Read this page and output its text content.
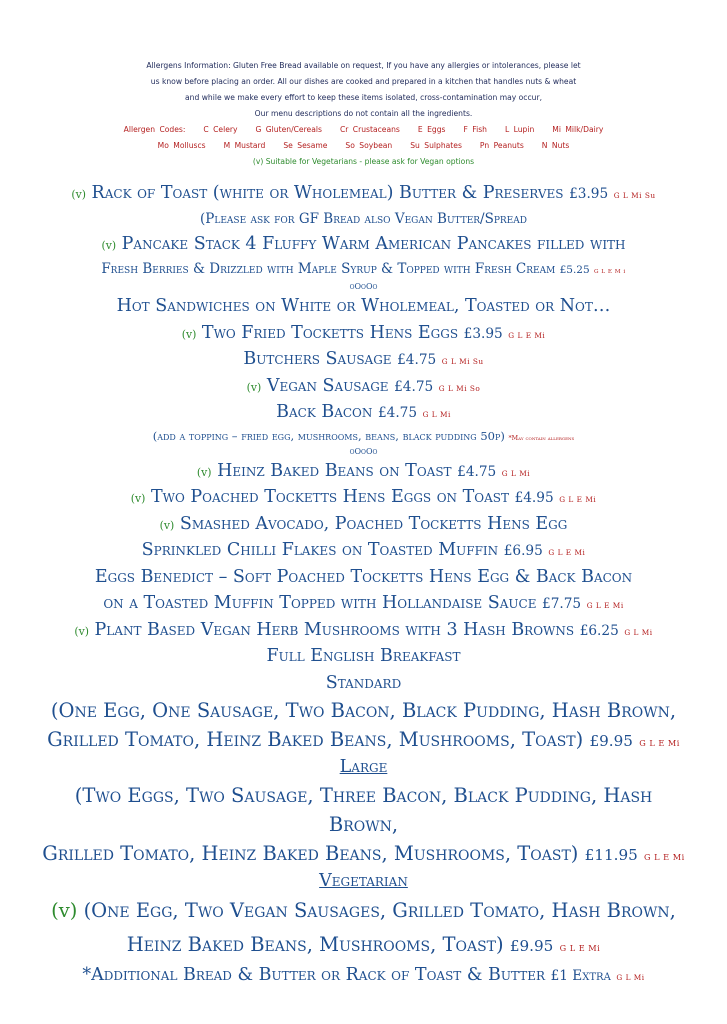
Allergens Information: Gluten Free Bread available on request, If you have any allergies or intolerances, please let
us know before placing an order. All our dishes are cooked and prepared in a kitchen that handles nuts & wheat
and while we make every effort to keep these items isolated, cross-contamination may occur,
Our menu descriptions do not contain all the ingredients.
Allergen Codes: C Celery G Gluten/Cereals Cr Crustaceans E Eggs F Fish L Lupin Mi Milk/Dairy
Mo Molluscs M Mustard Se Sesame So Soybean Su Sulphates Pn Peanuts N Nuts
(v) Suitable for Vegetarians - please ask for Vegan options
(v) Rack of Toast (white or Wholemeal) Butter & Preserves £3.95 G L Mi Su
(Please ask for GF Bread also Vegan Butter/Spread
(v) Pancake Stack 4 Fluffy Warm American Pancakes filled with
Fresh Berries & Drizzled with Maple Syrup & Topped with Fresh Cream £5.25 G L E M i
oOoOo
Hot Sandwiches on White or Wholemeal, Toasted or Not…
(v) Two Fried Tocketts Hens Eggs £3.95 G L E Mi
Butchers Sausage £4.75 G L Mi Su
(v) Vegan Sausage £4.75 G L Mi So
Back Bacon £4.75 G L Mi
(add a topping – fried egg, mushrooms, beans, black pudding 50p) *May contain allergens
oOoOo
(v) Heinz Baked Beans on Toast £4.75 G L Mi
(v) Two Poached Tocketts Hens Eggs on Toast £4.95 G L E Mi
(v) Smashed Avocado, Poached Tocketts Hens Egg
Sprinkled Chilli Flakes on Toasted Muffin £6.95 G L E Mi
Eggs Benedict – Soft Poached Tocketts Hens Egg & Back Bacon
on a Toasted Muffin Topped with Hollandaise Sauce £7.75 G L E Mi
(v) Plant Based Vegan Herb Mushrooms with 3 Hash Browns £6.25 G L Mi
Full English Breakfast
Standard
(One Egg, One Sausage, Two Bacon, Black Pudding, Hash Brown,
Grilled Tomato, Heinz Baked Beans, Mushrooms, Toast) £9.95 G L E Mi
Large
(Two Eggs, Two Sausage, Three Bacon, Black Pudding, Hash
Brown,
Grilled Tomato, Heinz Baked Beans, Mushrooms, Toast) £11.95 G L E Mi
Vegetarian
(v) (One Egg, Two Vegan Sausages, Grilled Tomato, Hash Brown,
Heinz Baked Beans, Mushrooms, Toast) £9.95 G L E Mi
*Additional Bread & Butter or Rack of Toast & Butter £1 Extra G L Mi
